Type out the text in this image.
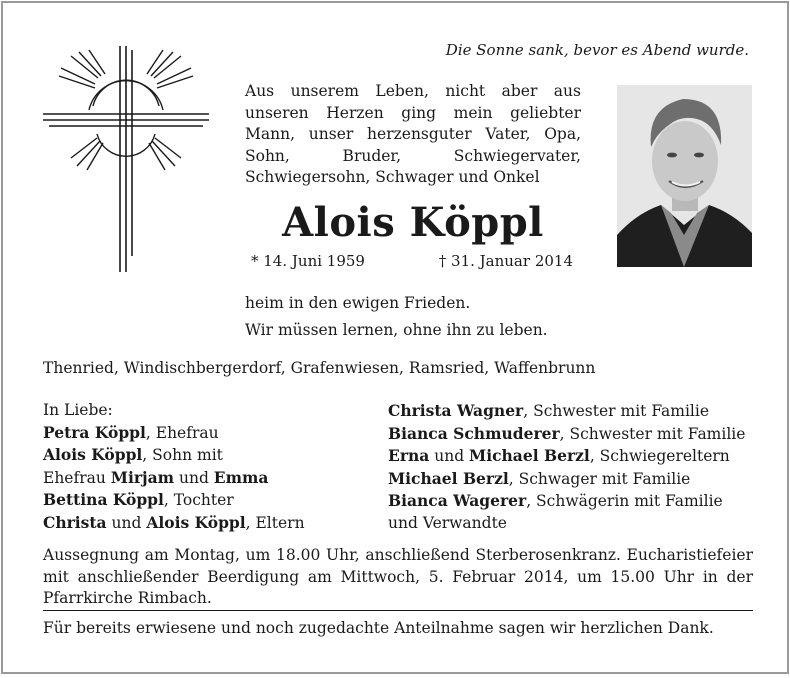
Die Sonne sank, bevor es Abend wurde.
Aus unserem Leben, nicht aber aus unseren Herzen ging mein geliebter Mann, unser herzensguter Vater, Opa, Sohn, Bruder, Schwiegervater, Schwiegersohn, Schwager und Onkel
Alois Köppl
* 14. Juni 1959	† 31. Januar 2014
heim in den ewigen Frieden.
Wir müssen lernen, ohne ihn zu leben.
Thenried, Windischbergerdorf, Grafenwiesen, Ramsried, Waffenbrunn
In Liebe:
Petra Köppl, Ehefrau
Alois Köppl, Sohn mit
Ehefrau Mirjam und Emma
Bettina Köppl, Tochter
Christa und Alois Köppl, Eltern
Christa Wagner, Schwester mit Familie
Bianca Schmuderer, Schwester mit Familie
Erna und Michael Berzl, Schwiegereltern
Michael Berzl, Schwager mit Familie
Bianca Wagerer, Schwägerin mit Familie
und Verwandte
Aussegnung am Montag, um 18.00 Uhr, anschließend Sterberosenkranz. Eucharistiefeier mit anschließender Beerdigung am Mittwoch, 5. Februar 2014, um 15.00 Uhr in der Pfarrkirche Rimbach.
Für bereits erwiesene und noch zugedachte Anteilnahme sagen wir herzlichen Dank.
